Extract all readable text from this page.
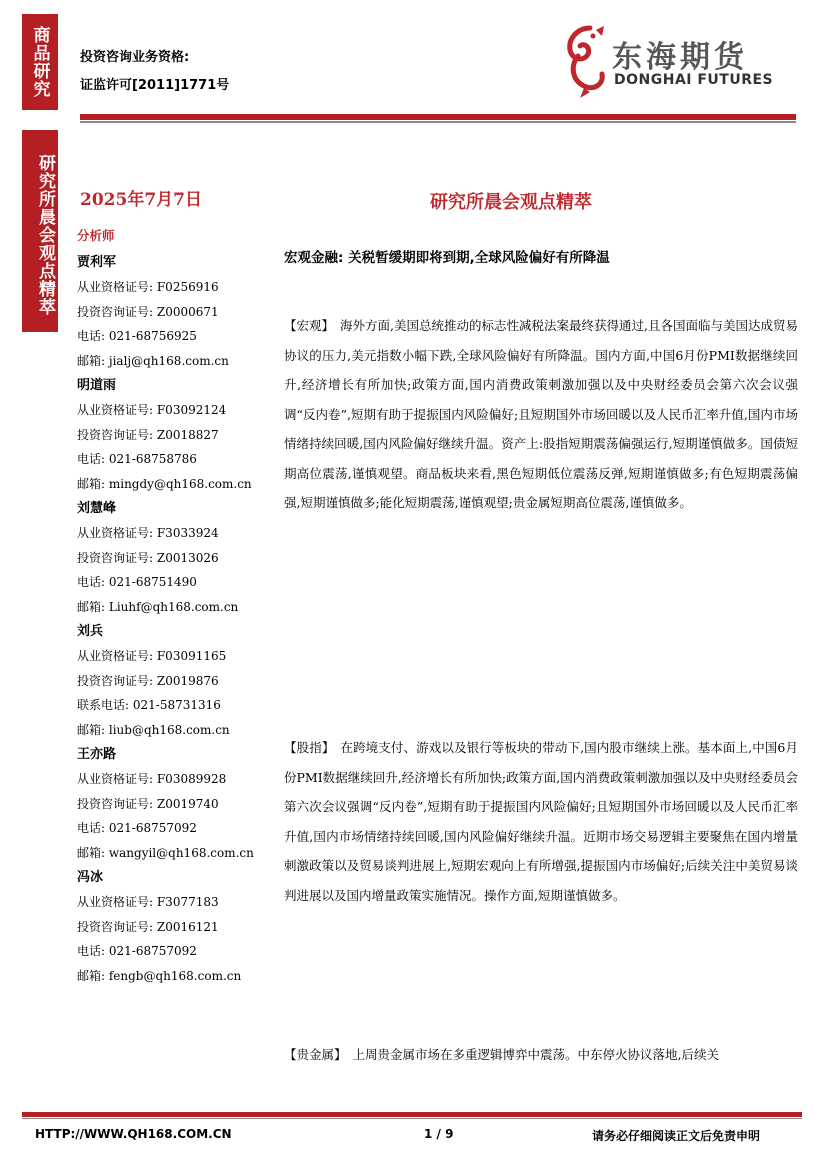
商品研究
研究所晨会观点精萃
投资咨询业务资格:
证监许可[2011]1771号
东海期货
DONGHAI FUTURES
2025年7月7日	研究所晨会观点精萃
分析师
贾利军
从业资格证号: F0256916
投资咨询证号: Z0000671
电话: 021-68756925
邮箱: jialj@qh168.com.cn
明道雨
从业资格证号: F03092124
投资咨询证号: Z0018827
电话: 021-68758786
邮箱: mingdy@qh168.com.cn
刘慧峰
从业资格证号: F3033924
投资咨询证号: Z0013026
电话: 021-68751490
邮箱: Liuhf@qh168.com.cn
刘兵
从业资格证号: F03091165
投资咨询证号: Z0019876
联系电话: 021-58731316
邮箱: liub@qh168.com.cn
王亦路
从业资格证号: F03089928
投资咨询证号: Z0019740
电话: 021-68757092
邮箱: wangyil@qh168.com.cn
冯冰
从业资格证号: F3077183
投资咨询证号: Z0016121
电话: 021-68757092
邮箱: fengb@qh168.com.cn
宏观金融: 关税暂缓期即将到期,全球风险偏好有所降温

【宏观】 海外方面,美国总统推动的标志性减税法案最终获得通过,且各国面临与美国达成贸易协议的压力,美元指数小幅下跌,全球风险偏好有所降温。国内方面,中国6月份PMI数据继续回升,经济增长有所加快;政策方面,国内消费政策刺激加强以及中央财经委员会第六次会议强调“反内卷”,短期有助于提振国内风险偏好;且短期国外市场回暖以及人民币汇率升值,国内市场情绪持续回暖,国内风险偏好继续升温。资产上:股指短期震荡偏强运行,短期谨慎做多。国债短期高位震荡,谨慎观望。商品板块来看,黑色短期低位震荡反弹,短期谨慎做多;有色短期震荡偏强,短期谨慎做多;能化短期震荡,谨慎观望;贵金属短期高位震荡,谨慎做多。

【股指】 在跨境支付、游戏以及银行等板块的带动下,国内股市继续上涨。基本面上,中国6月份PMI数据继续回升,经济增长有所加快;政策方面,国内消费政策刺激加强以及中央财经委员会第六次会议强调“反内卷”,短期有助于提振国内风险偏好;且短期国外市场回暖以及人民币汇率升值,国内市场情绪持续回暖,国内风险偏好继续升温。近期市场交易逻辑主要聚焦在国内增量刺激政策以及贸易谈判进展上,短期宏观向上有所增强,提振国内市场偏好;后续关注中美贸易谈判进展以及国内增量政策实施情况。操作方面,短期谨慎做多。

【贵金属】 上周贵金属市场在多重逻辑博弈中震荡。中东停火协议落地,后续关

HTTP://WWW.QH168.COM.CN	1 / 9	请务必仔细阅读正文后免责申明
